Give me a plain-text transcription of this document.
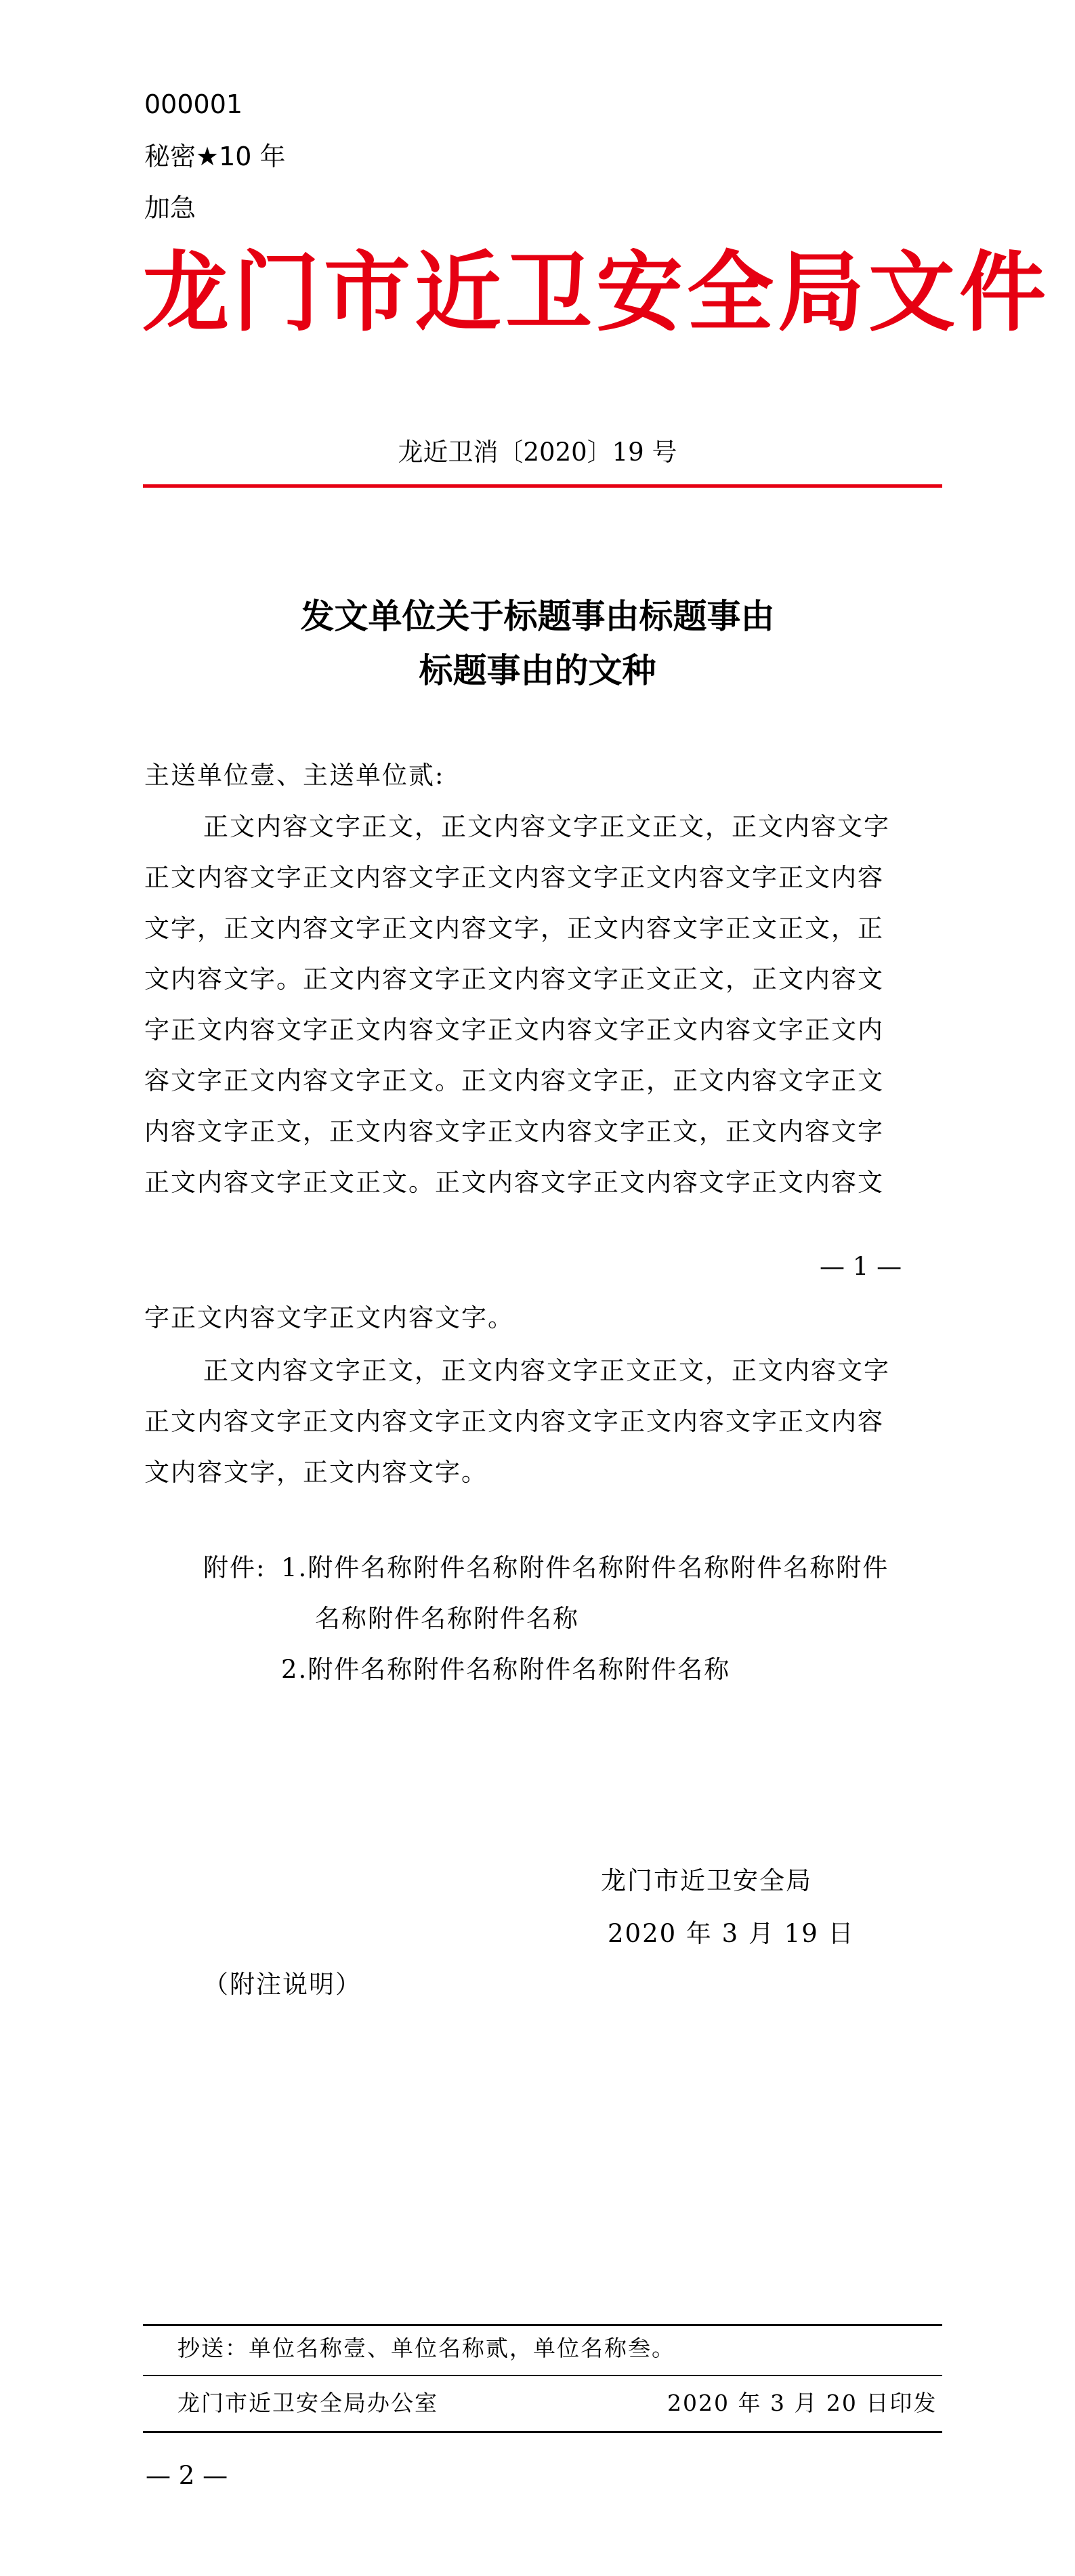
000001
秘密★10 年
加急
龙门市近卫安全局文件
龙近卫消〔2020〕19 号
发文单位关于标题事由标题事由
标题事由的文种
主送单位壹、主送单位贰:
正文内容文字正文，正文内容文字正文正文，正文内容文字
正文内容文字正文内容文字正文内容文字正文内容文字正文内容
文字，正文内容文字正文内容文字，正文内容文字正文正文，正
文内容文字。正文内容文字正文内容文字正文正文，正文内容文
字正文内容文字正文内容文字正文内容文字正文内容文字正文内
容文字正文内容文字正文。正文内容文字正，正文内容文字正文
内容文字正文，正文内容文字正文内容文字正文，正文内容文字
正文内容文字正文正文。正文内容文字正文内容文字正文内容文
— 1 —
字正文内容文字正文内容文字。
正文内容文字正文，正文内容文字正文正文，正文内容文字
正文内容文字正文内容文字正文内容文字正文内容文字正文内容
文内容文字，正文内容文字。
附件: 1.附件名称附件名称附件名称附件名称附件名称附件
名称附件名称附件名称
2.附件名称附件名称附件名称附件名称
龙门市近卫安全局
2020 年 3 月 19 日
（附注说明）
抄送：单位名称壹、单位名称贰，单位名称叁。
龙门市近卫安全局办公室	2020 年 3 月 20 日印发
— 2 —
